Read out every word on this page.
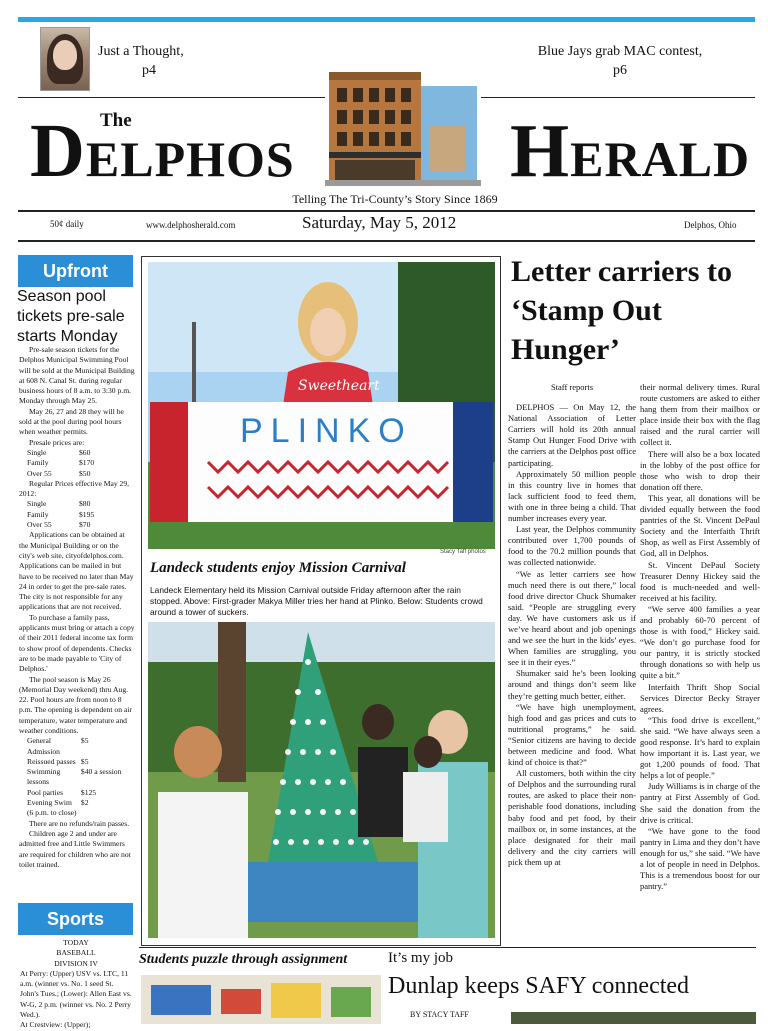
Just a Thought,
p4
Blue Jays grab MAC contest,
p6
DELPHOS
The	HERALD
Telling The Tri-County’s Story Since 1869
50¢ daily	www.delphosherald.com	Saturday, May 5, 2012	Delphos, Ohio
Upfront
Season pool tickets pre-sale starts Monday

Pre-sale season tickets for the Delphos Municipal Swimming Pool will be sold at the Municipal Building at 608 N. Canal St. during regular business hours of 8 a.m. to 3:30 p.m. Monday through May 25.

May 26, 27 and 28 they will be sold at the pool during pool hours when weather permits.

Presale prices are:

Single	$60
Family	$170
Over 55	$50

Regular Prices effective May 29, 2012:

Single	$80
Family	$195
Over 55	$70

Applications can be obtained at the Municipal Building or on the city's web site, cityofdelphos.com. Applications can be mailed in but have to be received no later than May 24 in order to get the pre-sale rates. The city is not responsible for any applications that are not received.

To purchase a family pass, applicants must bring or attach a copy of their 2011 federal income tax form to show proof of dependents. Checks are to be made payable to 'City of Delphos.'

The pool season is May 26 (Memorial Day weekend) thru Aug. 22. Pool hours are from noon to 8 p.m. The opening is dependent on air temperature, water temperature and weather conditions.

General Admission

$5
Reissued passes
$5
Swimming lessons

$40 a session
Pool parties
	$125
Evening Swim (6 p.m. to close)

$2

There are no refunds/rain passes.

Children age 2 and under are admitted free and Little Swimmers are required for children who are not toilet trained.

Sports
TODAY
BASEBALL
DIVISION IV
At Perry: (Upper) USV vs. LTC, 11 a.m. (winner vs. No. 1 seed St. John's Tues.; (Lower): Allen East vs. W-G, 2 p.m. (winner vs. No. 2 Perry Wed.).
At Crestview: (Upper);
Sweetheart
PLINKO
Stacy Taff photos
Landeck students enjoy Mission Carnival
Landeck Elementary held its Mission Carnival outside Friday afternoon after the rain stopped. Above: First-grader Makya Miller tries her hand at Plinko. Below: Students crowd around a tower of suckers.
Letter carriers to ‘Stamp Out Hunger’

Staff reports

DELPHOS — On May 12, the National Association of Letter Carriers will hold its 20th annual Stamp Out Hunger Food Drive with the carriers at the Delphos post office participating.

Approximately 50 million people in this country live in homes that lack sufficient food to feed them, with one in three being a child. That number increases every year.

Last year, the Delphos community contributed over 1,700 pounds of food to the 70.2 million pounds that was collected nationwide.

“We as letter carriers see how much need there is out there,” local food drive director Chuck Shumaker said. “People are struggling every day. We have customers ask us if we’ve heard about and job openings and we see the hurt in the kids’ eyes. When families are struggling, you see it in their eyes.”

Shumaker said he’s been looking around and things don’t seem like they’re getting much better, either.

“We have high unemployment, high food and gas prices and cuts to nutritional programs,” he said. “Senior citizens are having to decide between medicine and food. What kind of choice is that?”

All customers, both within the city of Delphos and the surrounding rural routes, are asked to place their non-perishable food donations, including baby food and pet food, by their mailbox or, in some instances, at the place designated for their mail delivery and the city carriers will pick them up at

their normal delivery times. Rural route customers are asked to either hang them from their mailbox or place inside their box with the flag raised and the rural carrier will collect it.

There will also be a box located in the lobby of the post office for those who wish to drop their donation off there.

This year, all donations will be divided equally between the food pantries of the St. Vincent DePaul Society and the Interfaith Thrift Shop, as well as First Assembly of God, all in Delphos.

St. Vincent DePaul Society Treasurer Denny Hickey said the food is much-needed and well-received at his facility.

“We serve 400 families a year and probably 60-70 percent of those is with food,” Hickey said. “We don’t go purchase food for our pantry, it is strictly stocked through donations so with help us quite a bit.”

Interfaith Thrift Shop Social Services Director Becky Strayer agrees.

“This food drive is excellent,” she said. “We have always seen a good response. It’s hard to explain how important it is. Last year, we got 1,200 pounds of food. That helps a lot of people.”

Judy Williams is in charge of the pantry at First Assembly of God. She said the donation from the drive is critical.

“We have gone to the food pantry in Lima and they don’t have enough for us,” she said. “We have a lot of people in need in Delphos. This is a tremendous boost for our pantry.”

Students puzzle through assignment	It’s my job
Dunlap keeps SAFY connected
BY STACY TAFF
